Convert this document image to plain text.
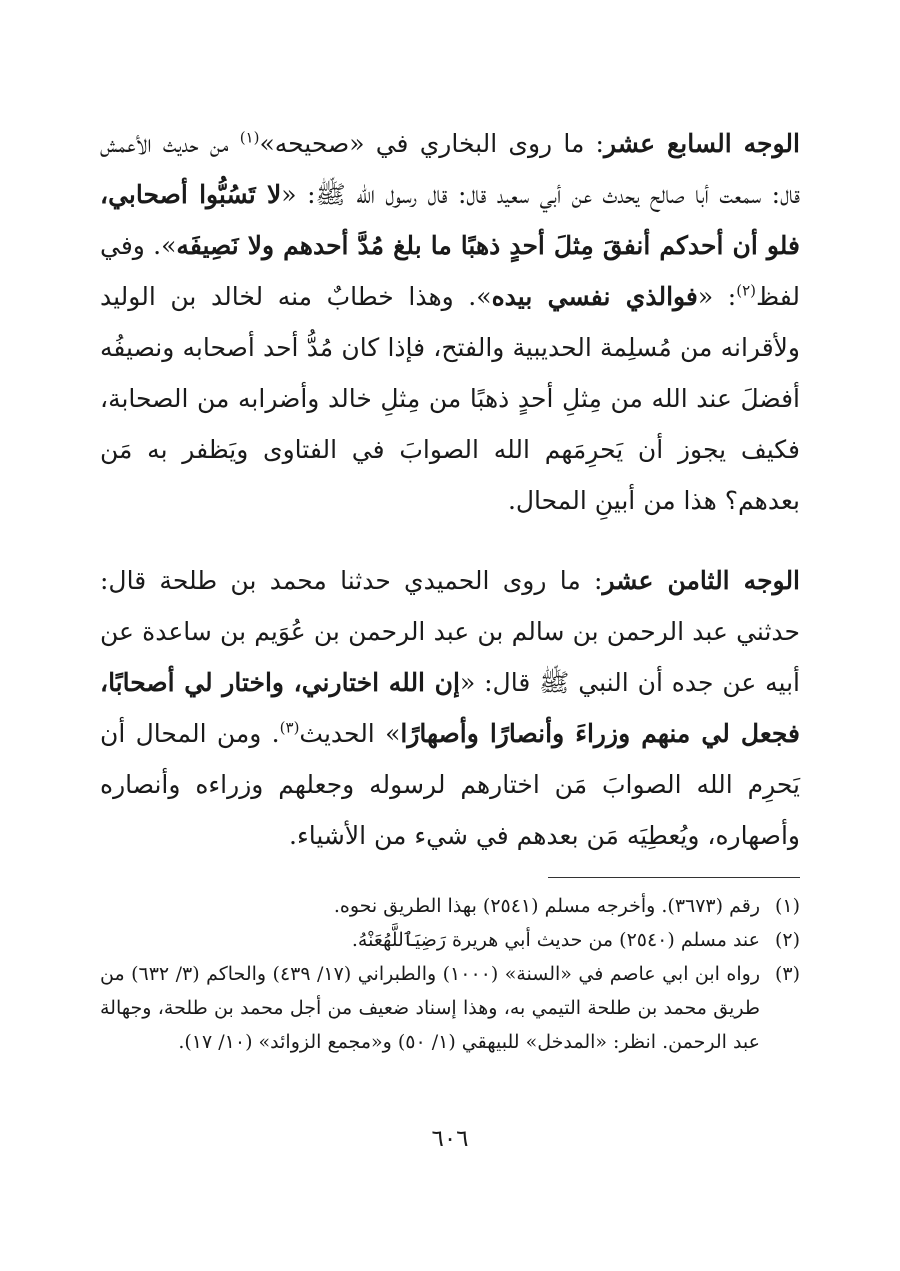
الوجه السابع عشر: ما روى البخاري في «صحيحه»$^{(١)}$ من حديث الأعمش قال: سمعت أبا صالح يحدث عن أبي سعيد قال: قال رسول الله ﷺ: «لا تَسُبُّوا أصحابي، فلو أن أحدكم أنفقَ مِثلَ أحدٍ ذهبًا ما بلغ مُدَّ أحدهم ولا نَصِيفَه». وفي لفظ$^{(٢)}$: «فوالذي نفسي بيده». وهذا خطابٌ منه لخالد بن الوليد ولأقرانه من مُسلِمة الحديبية والفتح، فإذا كان مُدُّ أحد أصحابه ونصيفُه أفضلَ عند الله من مِثلِ أحدٍ ذهبًا من مِثلِ خالد وأضرابه من الصحابة، فكيف يجوز أن يَحرِمَهم الله الصوابَ في الفتاوى ويَظفر به مَن بعدهم؟ هذا من أبينِ المحال.

الوجه الثامن عشر: ما روى الحميدي حدثنا محمد بن طلحة قال: حدثني عبد الرحمن بن سالم بن عبد الرحمن بن عُوَيم بن ساعدة عن أبيه عن جده أن النبي ﷺ قال: «إن الله اختارني، واختار لي أصحابًا، فجعل لي منهم وزراءَ وأنصارًا وأصهارًا» الحديث$^{(٣)}$. ومن المحال أن يَحرِم الله الصوابَ مَن اختارهم لرسوله وجعلهم وزراءه وأنصاره وأصهاره، ويُعطِيَه مَن بعدهم في شيء من الأشياء.

(١)
رقم (٣٦٧٣). وأخرجه مسلم (٢٥٤١) بهذا الطريق نحوه.
(٢)
عند مسلم (٢٥٤٠) من حديث أبي هريرة رَضِيَٱللَّهُعَنْهُ.
(٣)
رواه ابن ابي عاصم في «السنة» (١٠٠٠) والطبراني (١٧/ ٤٣٩) والحاكم (٣/ ٦٣٢) من طريق محمد بن طلحة التيمي به، وهذا إسناد ضعيف من أجل محمد بن طلحة، وجهالة عبد الرحمن. انظر: «المدخل» للبيهقي (١/ ٥٠) و«مجمع الزوائد» (١٠/ ١٧).
٦٠٦
